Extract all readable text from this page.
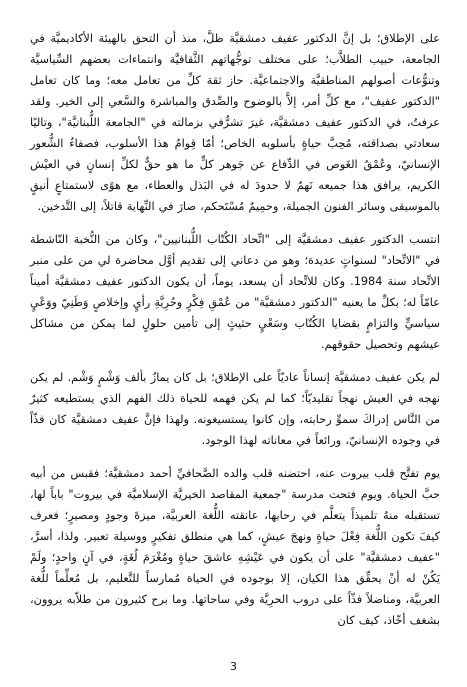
على الإطلاق؛ بل إنَّ الدكتور عفيف دمشقيَّة ظلَّ، منذ أن التحق بالهيئة الأكاديميَّة في الجامعة، حبيب الطلاَّب؛ على مختلف توجُّهاتهم الثَّقافيَّة وانتماءات بعضهم السِّياسيَّة وتنوُّعات أصولهم المناطقيَّة والاجتماعيَّة. حاز ثقة كلِّ من تعامل معه؛ وما كان تعامل "الدكتور عفيف"، مع كلِّ أمر، إلاَّ بالوضوح والصِّدق والمباشرة والسَّعي إلى الخير. ولقد عرفتُ، في الدكتور عفيف دمشقيَّة، غيرَ تشرُّفي بزمالته في "الجامعة اللُّبنانيَّة"، وتاليًا سعادتي بصداقته، مُحِبَّ حياةٍ بأسلوبه الخاص؛ أمّا قِوامُ هذا الأسلوب، فصفاءُ الشُّعور الإنسانيّ، وعُمْقُ الغَوص في الدِّفاع عن جَوهر كلٍّ ما هو حقٌّ لكلِّ إنسانٍ في العيْش الكريم، يرافق هذا جميعه نَهمٌ لا حدودَ له في البَذل والعطاء، مع هوًى لاستمتاعٍ أنيقٍ بالموسيقى وسائر الفنون الجميلة، وحمِيمٌ مُسْتَحكم، صارَ في النِّهاية قاتلاً، إلى التَّدخين.

انتسب الدكتور عفيف دمشقيَّة إلى "اتِّحاد الكُتّاب اللُّبنانيين"، وكان من النُّخبة النّاشطة في "الاتِّحاد" لسنواتٍ عديدة؛ وهو من دعاني إلى تقديم أوَّل محاضرة لي من على منبر الاتِّحاد سنة 1984. وكان للاتِّحاد أن يسعد، يوماً، أن يكون الدكتور عفيف دمشقيَّة أميناً عامّاً له؛ بكلِّ ما يعنيه "الدكتور دمشقيَّة" من عُمْقِ فِكْرٍ وحُرِيَّةِ رأيٍ وإخلاصٍ وَطَنِيّ ووَعْيٍ سياسيٍّ والتزامٍ بقضايا الكُتّاب وسَعْيٍ حثيثٍ إلى تأمين حلولٍ لما يمكن من مشاكل عيشهم وتحصيل حقوقهم.

لم يكن عفيف دمشقيَّة إنساناً عاديّاً على الإطلاق؛ بل كان يمازُ بألف وَشْمٍ وَشْم. لم يكن نهجه في العيش نهجاً تقليديّاً؛ كما لم يكن فهمه للحياة ذلك الفهم الذي يستطيعه كثيرٌ من النَّاس إدراكَ سموِّ رحابته، وإن كانوا يستسيغونه. ولهذا فإنَّ عفيف دمشقيَّة كان فذّاً في وجوده الإنسانيّ، ورائعاً في معاناته لهذا الوجود.

يوم تفتَّح قلب بيروت عنه، احتضنه قلب والده الصَّحافيِّ أحمد دمشقيَّة؛ فقبس من أبيه حبَّ الحياة. ويوم فتحت مدرسة "جمعية المقاصد الخيريَّة الإسلاميَّة في بيروت" باباً لها، تستقبله منهُ تلميذاً يتعلَّم في رحابها، عانقته اللُّغة العربيَّة، ميزةَ وجودٍ ومصيرٍ؛ فعرف كيفَ تكون اللُّغة فِعْلَ حياةٍ ونهجَ عيشٍ، كما هي منطلق تفكيرٍ ووسيلة تعبير. ولذا، أسرَّ، "عفيف دمشقيَّة" على أن يكون في عَيْشِهِ عاشقَ حياةٍ ومُغْرَمَ لُغَةٍ، في آنٍ واحدٍ؛ ولَمْ يَكُنْ له أنْ يحقِّق هذا الكيان، إلا بوجوده في الحياة مُمارساً للتَّعليم، بل مُعلِّماً للُّغة العربيَّة، ومناضلاً فذّاً على دروب الحرِيَّة وفي ساحاتها. وما برح كثيرون من طلاّبه يروون، بشغف أخّاذ، كيف كان

3
